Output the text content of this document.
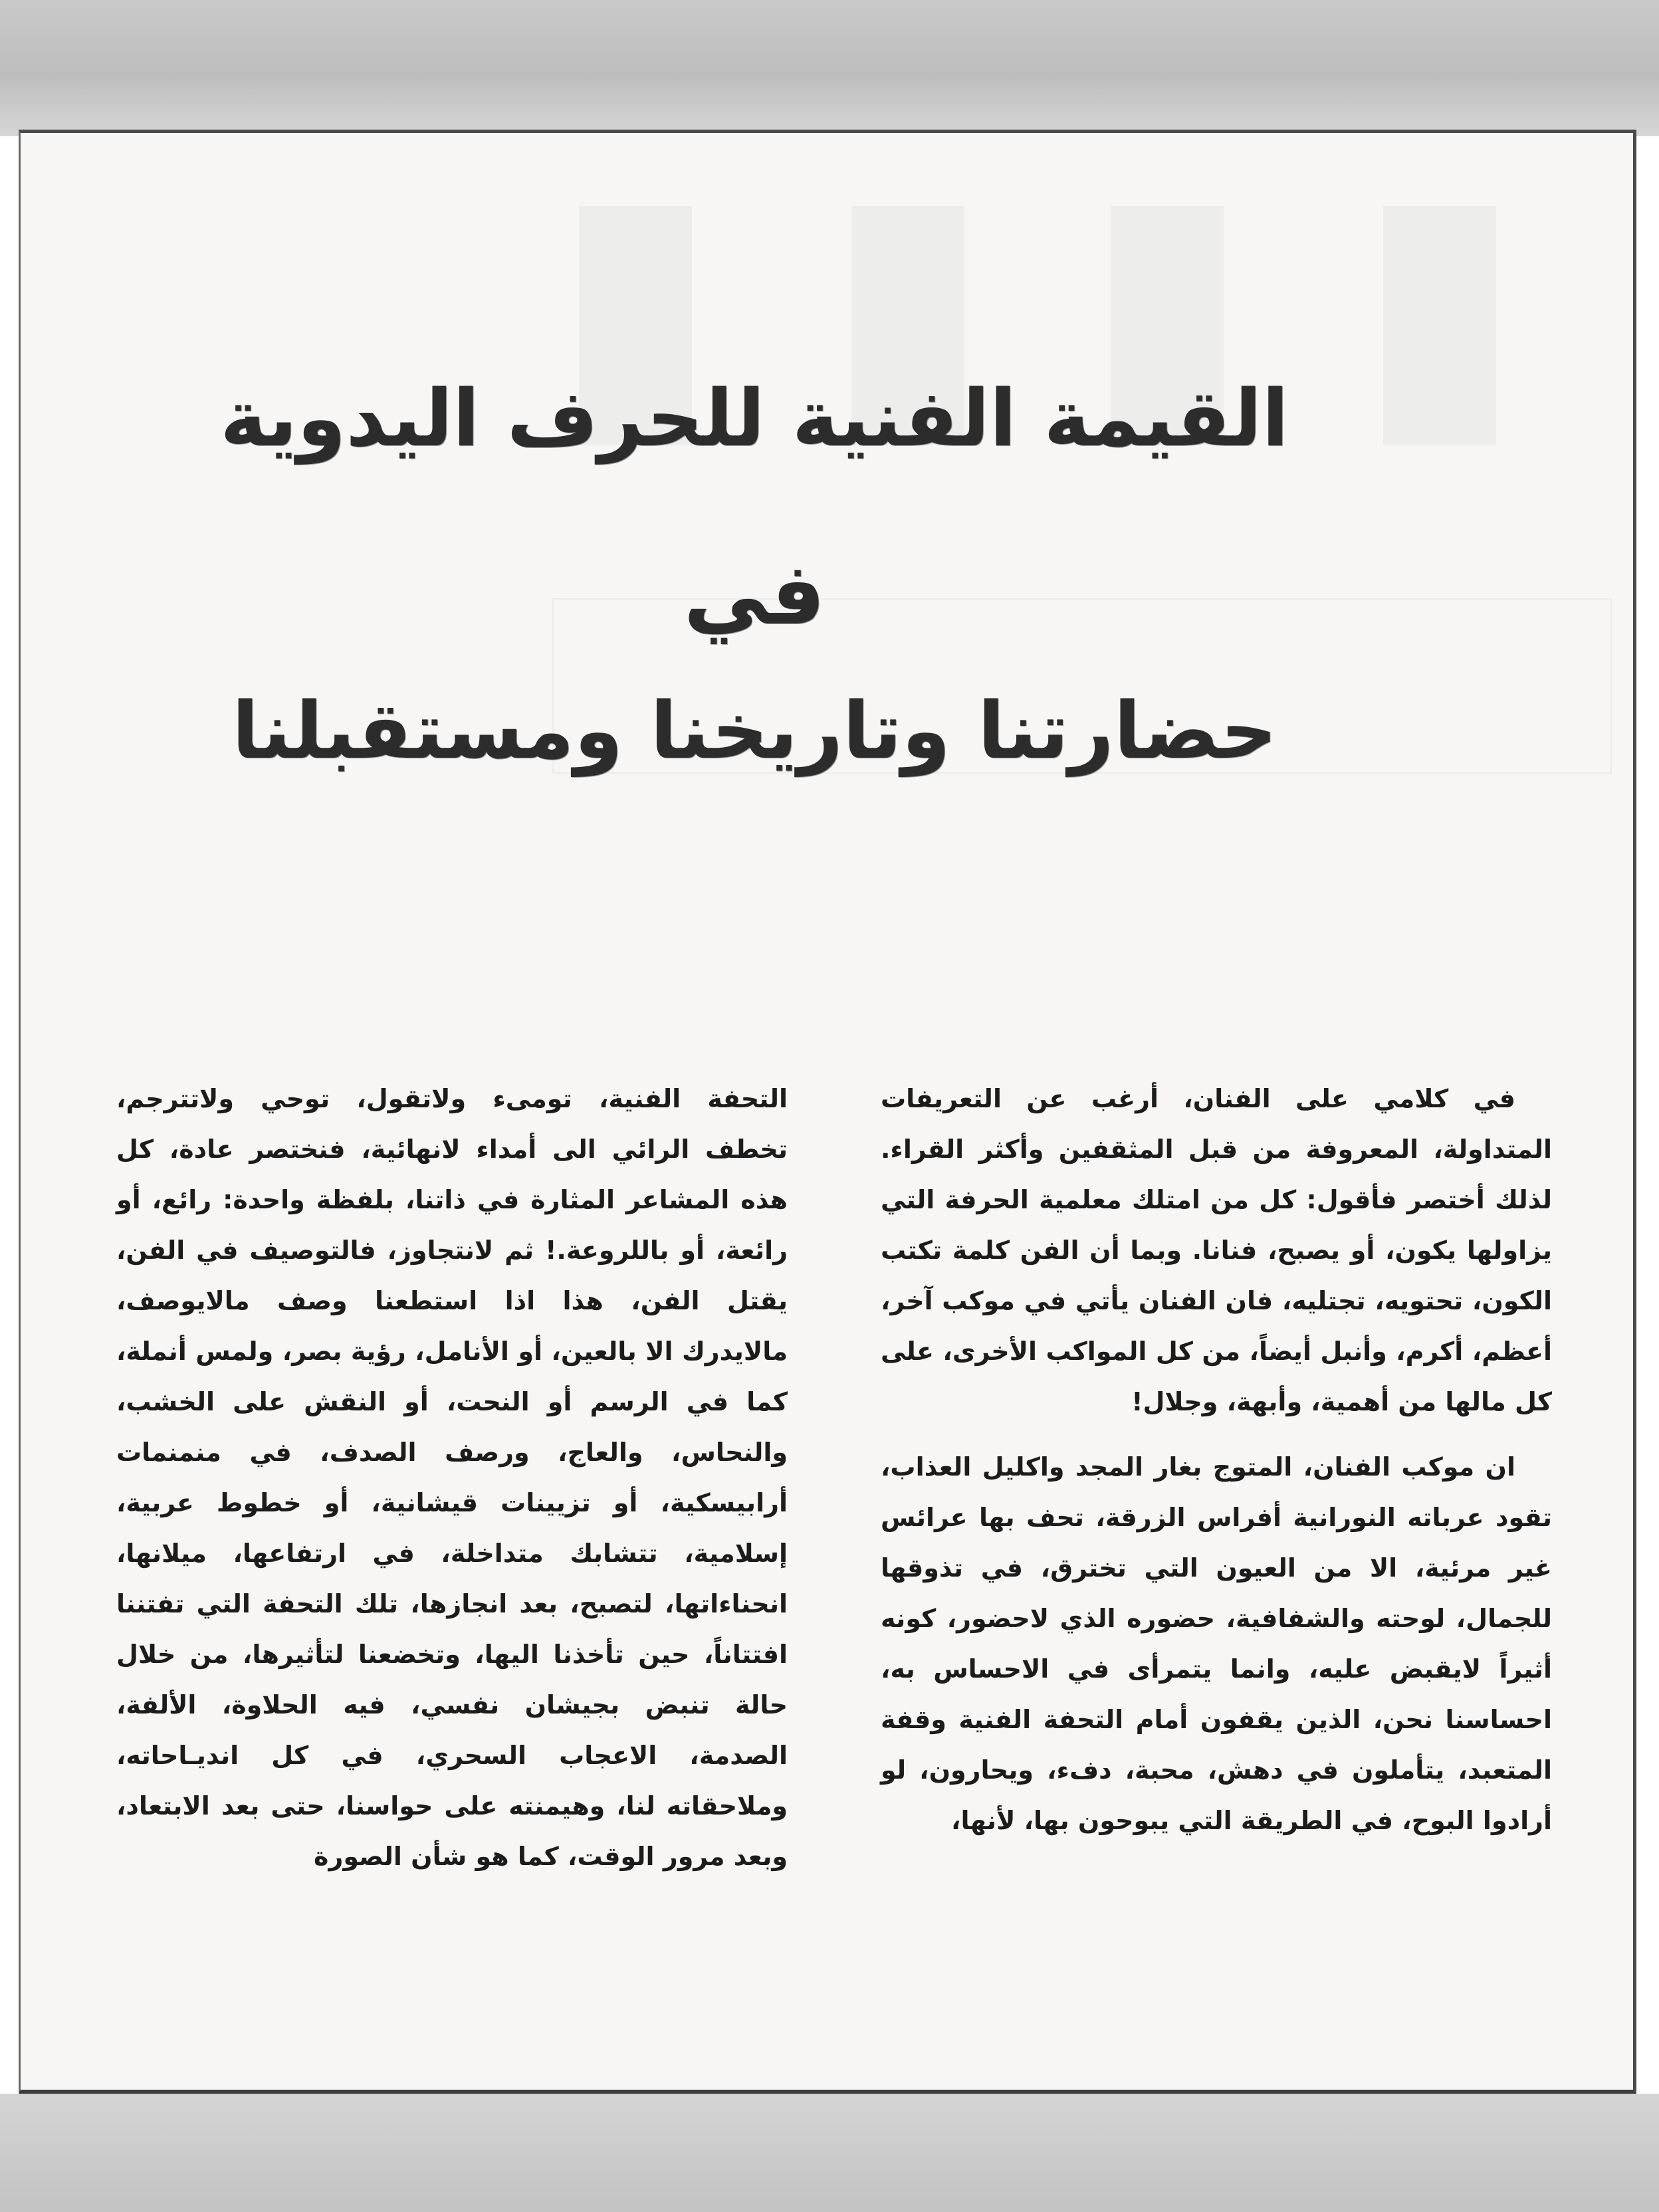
القيمة الفنية للحرف اليدوية
في
حضارتنا وتاريخنا ومستقبلنا

في كلامي على الفنان، أرغب عن التعريفات المتداولة، المعروفة من قبل المثقفين وأكثر القراء. لذلك أختصر فأقول: كل من امتلك معلمية الحرفة التي يزاولها يكون، أو يصبح، فنانا. وبما أن الفن كلمة تكتب الكون، تحتويه، تجتليه، فان الفنان يأتي في موكب آخر، أعظم، أكرم، وأنبل أيضاً، من كل المواكب الأخرى، على كل مالها من أهمية، وأبهة، وجلال!

ان موكب الفنان، المتوج بغار المجد واكليل العذاب، تقود عرباته النورانية أفراس الزرقة، تحف بها عرائس غير مرئية، الا من العيون التي تخترق، في تذوقها للجمال، لوحته والشفافية، حضوره الذي لاحضور، كونه أثيراً لايقبض عليه، وانما يتمرأى في الاحساس به، احساسنا نحن، الذين يقفون أمام التحفة الفنية وقفة المتعبد، يتأملون في دهش، محبة، دفء، ويحارون، لو أرادوا البوح، في الطريقة التي يبوحون بها، لأنها،

التحفة الفنية، تومىء ولاتقول، توحي ولاتترجم، تخطف الرائي الى أمداء لانهائية، فنختصر عادة، كل هذه المشاعر المثارة في ذاتنا، بلفظة واحدة: رائع، أو رائعة، أو باللروعة.! ثم لانتجاوز، فالتوصيف في الفن، يقتل الفن، هذا اذا استطعنا وصف مالايوصف، مالايدرك الا بالعين، أو الأنامل، رؤية بصر، ولمس أنملة، كما في الرسم أو النحت، أو النقش على الخشب، والنحاس، والعاج، ورصف الصدف، في منمنمات أرابيسكية، أو تزيينات قيشانية، أو خطوط عربية، إسلامية، تتشابك متداخلة، في ارتفاعها، ميلانها، انحناءاتها، لتصبح، بعد انجازها، تلك التحفة التي تفتننا افتتاناً، حين تأخذنا اليها، وتخضعنا لتأثيرها، من خلال حالة تنبض بجيشان نفسي، فيه الحلاوة، الألفة، الصدمة، الاعجاب السحري، في كل انديـاحاته، وملاحقاته لنا، وهيمنته على حواسنا، حتى بعد الابتعاد، وبعد مرور الوقت، كما هو شأن الصورة
